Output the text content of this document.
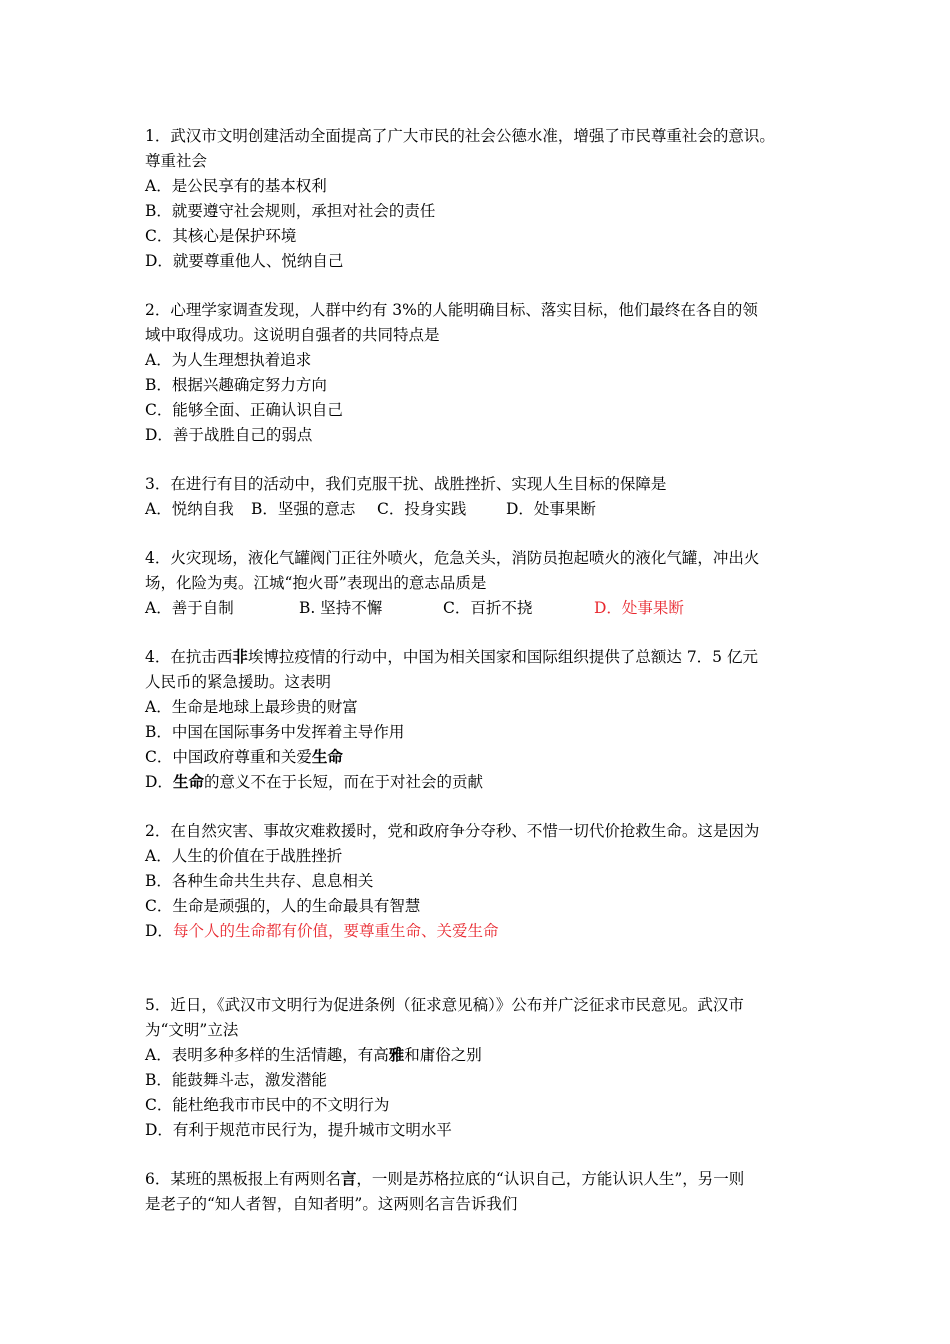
1．武汉市文明创建活动全面提高了广大市民的社会公德水准，增强了市民尊重社会的意识。
尊重社会
A．是公民享有的基本权利
B．就要遵守社会规则，承担对社会的责任
C．其核心是保护环境
D．就要尊重他人、悦纳自己
2．心理学家调查发现，人群中约有 3%的人能明确目标、落实目标，他们最终在各自的领
域中取得成功。这说明自强者的共同特点是
A．为人生理想执着追求
B．根据兴趣确定努力方向
C．能够全面、正确认识自己
D．善于战胜自己的弱点
3．在进行有目的活动中，我们克服干扰、战胜挫折、实现人生目标的保障是
A．悦纳自我 B．坚强的意志 C．投身实践	D．处事果断
4．火灾现场，液化气罐阀门正往外喷火，危急关头，消防员抱起喷火的液化气罐，冲出火
场，化险为夷。江城“抱火哥”表现出的意志品质是
A．善于自制	B. 坚持不懈	C．百折不挠	D．处事果断
4．在抗击西非埃博拉疫情的行动中，中国为相关国家和国际组织提供了总额达 7．5 亿元
人民币的紧急援助。这表明
A．生命是地球上最珍贵的财富
B．中国在国际事务中发挥着主导作用
C．中国政府尊重和关爱生命
D．生命的意义不在于长短，而在于对社会的贡献
2．在自然灾害、事故灾难救援时，党和政府争分夺秒、不惜一切代价抢救生命。这是因为
A．人生的价值在于战胜挫折
B．各种生命共生共存、息息相关
C．生命是顽强的，人的生命最具有智慧
D．每个人的生命都有价值，要尊重生命、关爱生命
5．近日，《武汉市文明行为促进条例（征求意见稿）》公布并广泛征求市民意见。武汉市
为“文明”立法
A．表明多种多样的生活情趣，有高雅和庸俗之别
B．能鼓舞斗志，激发潜能
C．能杜绝我市市民中的不文明行为
D．有利于规范市民行为，提升城市文明水平
6．某班的黑板报上有两则名言，一则是苏格拉底的“认识自己，方能认识人生”，另一则
是老子的“知人者智，自知者明”。这两则名言告诉我们
